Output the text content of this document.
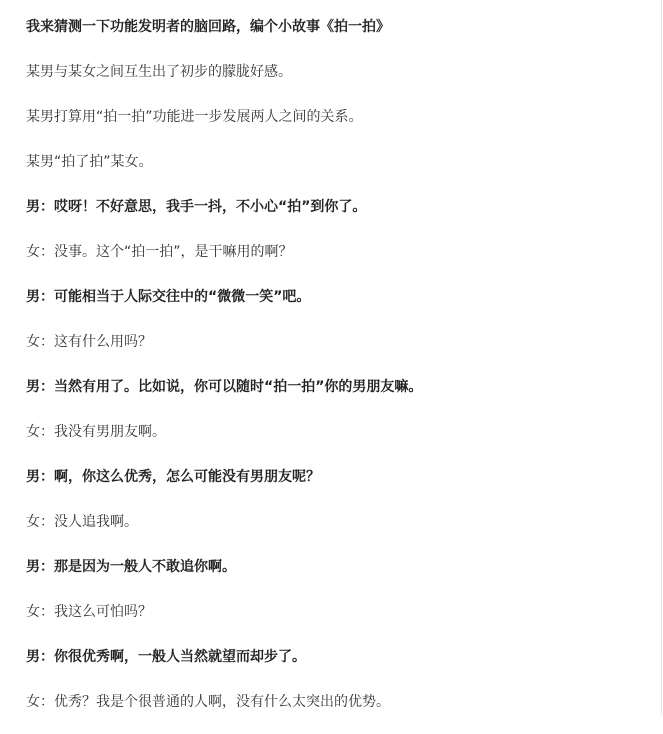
我来猜测一下功能发明者的脑回路，编个小故事《拍一拍》

某男与某女之间互生出了初步的朦胧好感。

某男打算用“拍一拍”功能进一步发展两人之间的关系。

某男“拍了拍”某女。

男：哎呀！不好意思，我手一抖，不小心“拍”到你了。

女：没事。这个“拍一拍”，是干嘛用的啊？

男：可能相当于人际交往中的“微微一笑”吧。

女：这有什么用吗？

男：当然有用了。比如说，你可以随时“拍一拍”你的男朋友嘛。

女：我没有男朋友啊。

男：啊，你这么优秀，怎么可能没有男朋友呢？

女：没人追我啊。

男：那是因为一般人不敢追你啊。

女：我这么可怕吗？

男：你很优秀啊，一般人当然就望而却步了。

女：优秀？我是个很普通的人啊，没有什么太突出的优势。
